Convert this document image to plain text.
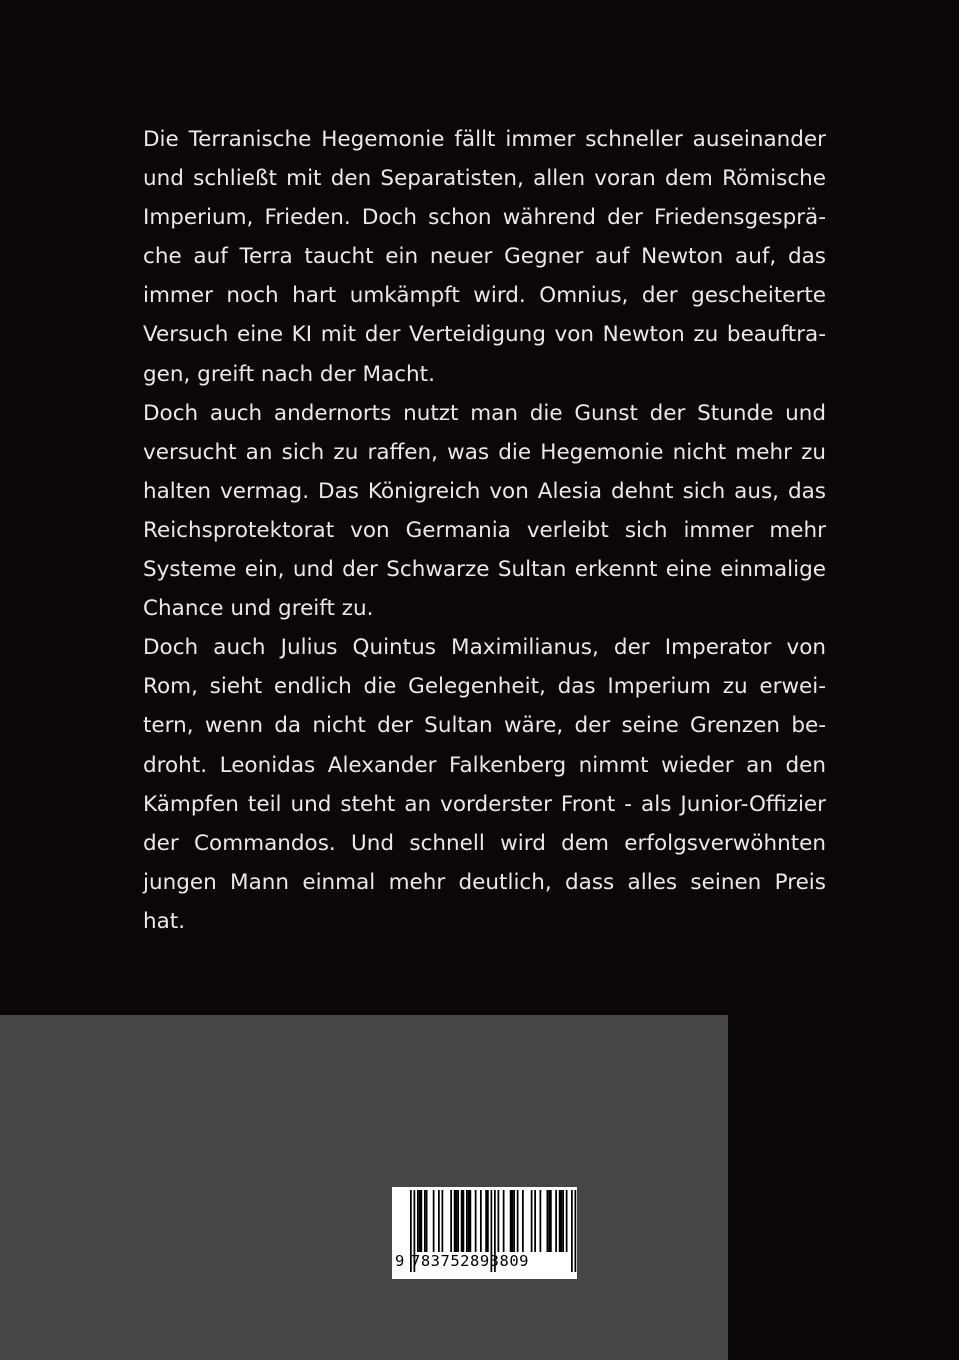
Die Terranische Hegemonie fällt immer schneller auseinander
und schließt mit den Separatisten, allen voran dem Römische
Imperium, Frieden. Doch schon während der Friedensgesprä-
che auf Terra taucht ein neuer Gegner auf Newton auf, das
immer noch hart umkämpft wird. Omnius, der gescheiterte
Versuch eine KI mit der Verteidigung von Newton zu beauftra-
gen, greift nach der Macht.

Doch auch andernorts nutzt man die Gunst der Stunde und
versucht an sich zu raffen, was die Hegemonie nicht mehr zu
halten vermag. Das Königreich von Alesia dehnt sich aus, das
Reichsprotektorat von Germania verleibt sich immer mehr
Systeme ein, und der Schwarze Sultan erkennt eine einmalige
Chance und greift zu.

Doch auch Julius Quintus Maximilianus, der Imperator von
Rom, sieht endlich die Gelegenheit, das Imperium zu erwei-
tern, wenn da nicht der Sultan wäre, der seine Grenzen be-
droht. Leonidas Alexander Falkenberg nimmt wieder an den
Kämpfen teil und steht an vorderster Front - als Junior-Offizier
der Commandos. Und schnell wird dem erfolgsverwöhnten
jungen Mann einmal mehr deutlich, dass alles seinen Preis
hat.

9 783752893809
